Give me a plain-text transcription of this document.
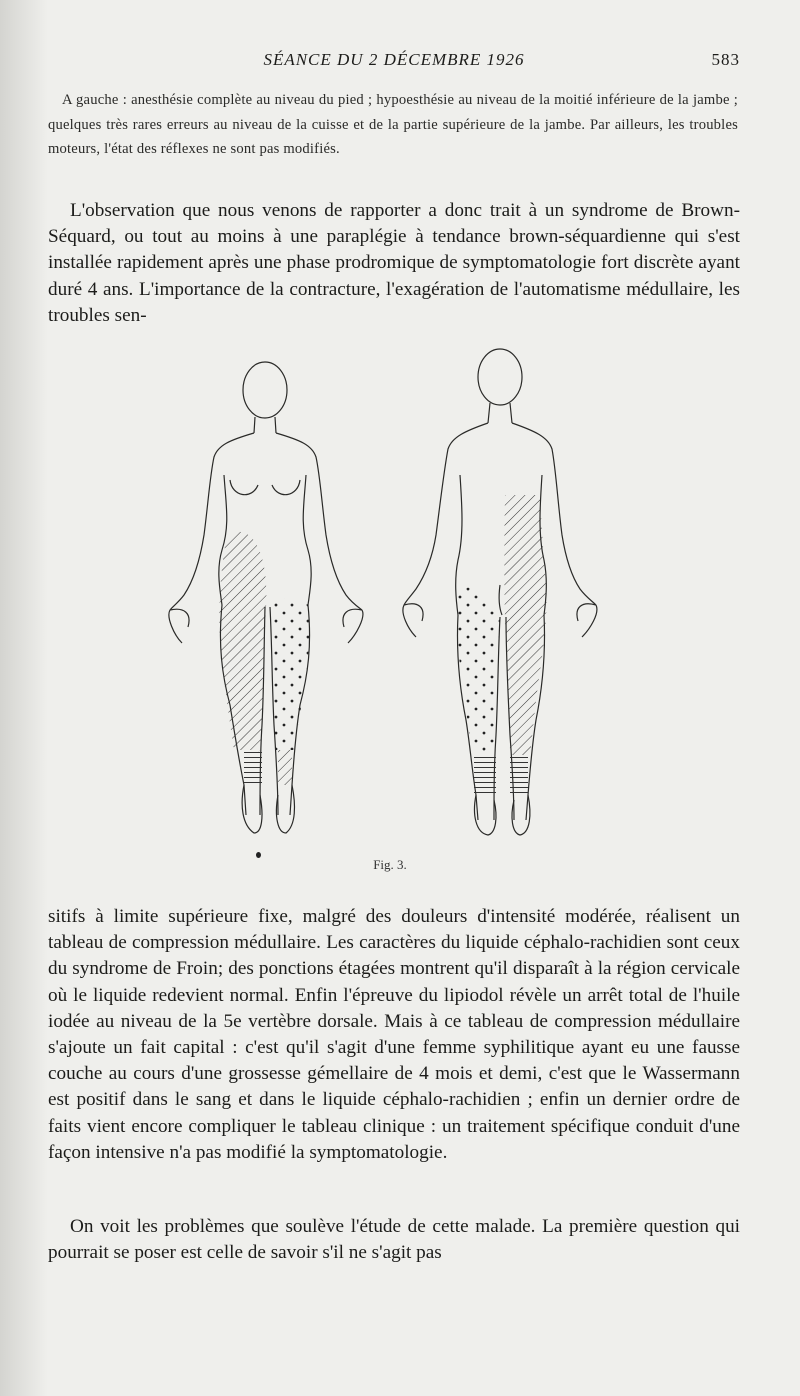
SÉANCE DU 2 DÉCEMBRE 1926	583

A gauche : anesthésie complète au niveau du pied ; hypoesthésie au niveau de la moitié inférieure de la jambe ; quelques très rares erreurs au niveau de la cuisse et de la partie supérieure de la jambe. Par ailleurs, les troubles moteurs, l'état des réflexes ne sont pas modifiés.

L'observation que nous venons de rapporter a donc trait à un syndrome de Brown-Séquard, ou tout au moins à une paraplégie à tendance brown-séquardienne qui s'est installée rapidement après une phase prodromique de symptomatologie fort discrète ayant duré 4 ans. L'importance de la contracture, l'exagération de l'automatisme médullaire, les troubles sen-

Fig. 3.

sitifs à limite supérieure fixe, malgré des douleurs d'intensité modérée, réalisent un tableau de compression médullaire. Les caractères du liquide céphalo-rachidien sont ceux du syndrome de Froin; des ponctions étagées montrent qu'il disparaît à la région cervicale où le liquide redevient normal. Enfin l'épreuve du lipiodol révèle un arrêt total de l'huile iodée au niveau de la 5e vertèbre dorsale. Mais à ce tableau de compression médullaire s'ajoute un fait capital : c'est qu'il s'agit d'une femme syphilitique ayant eu une fausse couche au cours d'une grossesse gémellaire de 4 mois et demi, c'est que le Wassermann est positif dans le sang et dans le liquide céphalo-rachidien ; enfin un dernier ordre de faits vient encore compliquer le tableau clinique : un traitement spécifique conduit d'une façon intensive n'a pas modifié la symptomatologie.

On voit les problèmes que soulève l'étude de cette malade. La première question qui pourrait se poser est celle de savoir s'il ne s'agit pas
